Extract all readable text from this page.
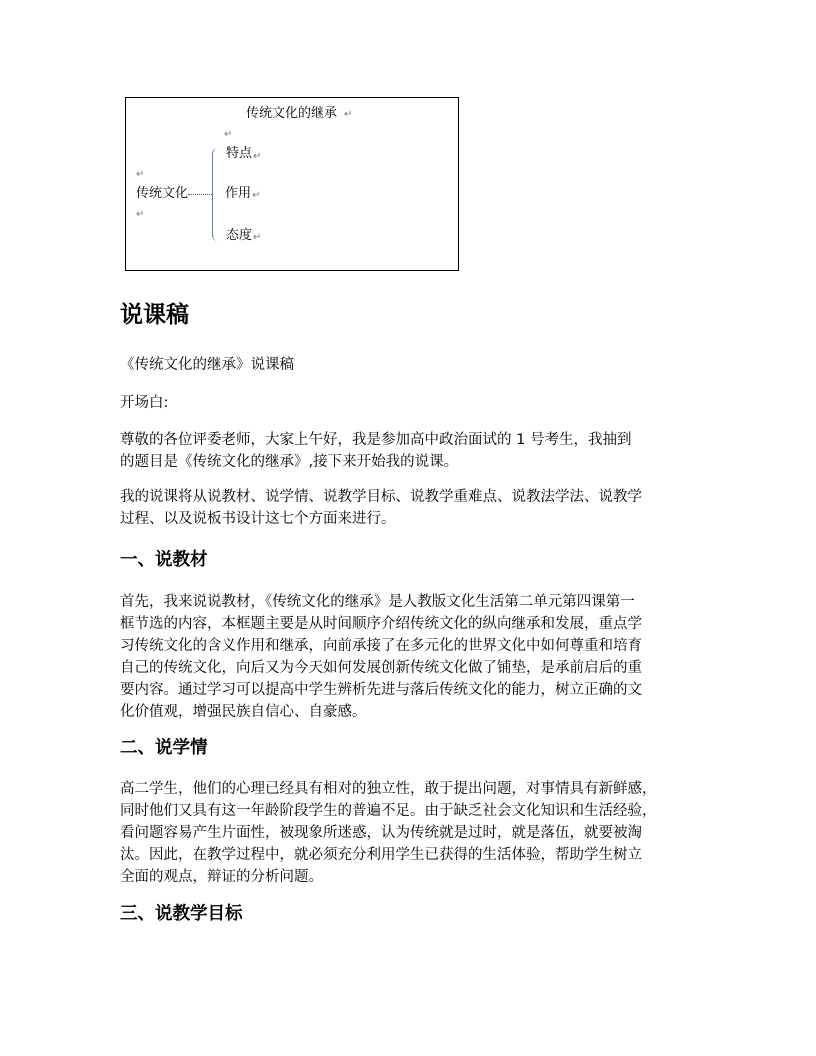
传统文化的继承
↵
↵
特点
↵
↵
传统文化	作用
↵
↵
态度
↵
说课稿

《传统文化的继承》说课稿

开场白:

尊敬的各位评委老师，大家上午好，我是参加高中政治面试的 1 号考生，我抽到
的题目是《传统文化的继承》,接下来开始我的说课。

我的说课将从说教材、说学情、说教学目标、说教学重难点、说教法学法、说教学
过程、以及说板书设计这七个方面来进行。

一、说教材

首先，我来说说教材，《传统文化的继承》是人教版文化生活第二单元第四课第一
框节选的内容，本框题主要是从时间顺序介绍传统文化的纵向继承和发展，重点学
习传统文化的含义作用和继承，向前承接了在多元化的世界文化中如何尊重和培育
自己的传统文化，向后又为今天如何发展创新传统文化做了铺垫，是承前启后的重
要内容。通过学习可以提高中学生辨析先进与落后传统文化的能力，树立正确的文
化价值观，增强民族自信心、自豪感。

二、说学情

高二学生，他们的心理已经具有相对的独立性，敢于提出问题，对事情具有新鲜感，
同时他们又具有这一年龄阶段学生的普遍不足。由于缺乏社会文化知识和生活经验，
看问题容易产生片面性，被现象所迷惑，认为传统就是过时，就是落伍，就要被淘
汰。因此，在教学过程中，就必须充分利用学生已获得的生活体验，帮助学生树立
全面的观点，辩证的分析问题。

三、说教学目标
